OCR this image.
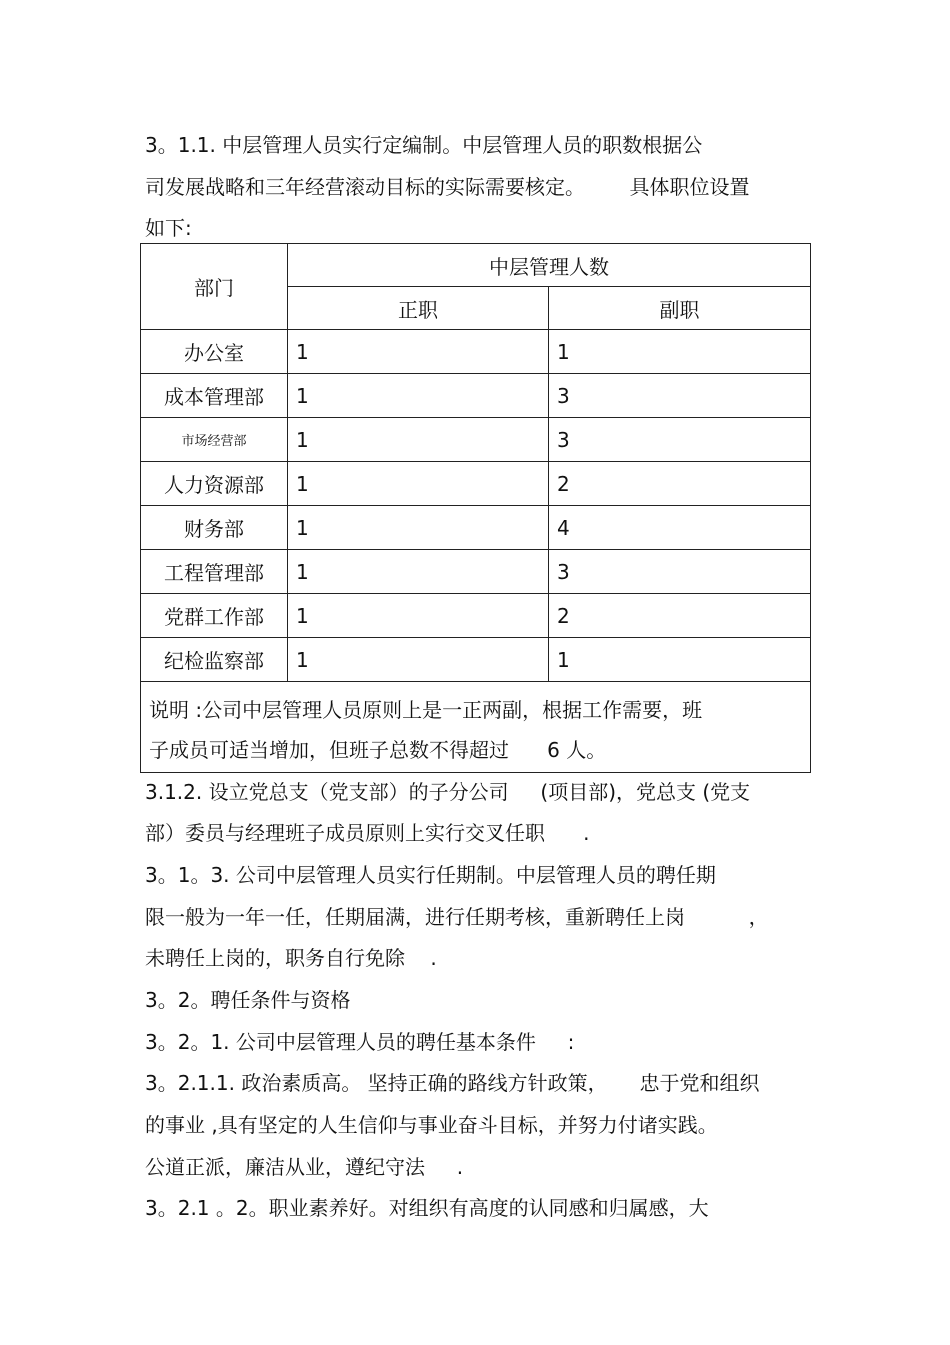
3。1.1. 中层管理人员实行定编制。中层管理人员的职数根据公
司发展战略和三年经营滚动目标的实际需要核定。       具体职位设置
如下:
部门	中层管理人数	
	正职	副职
办公室	1	1
成本管理部	1	3
市场经营部	1	3
人力资源部	1	2
财务部	1	4
工程管理部	1	3
党群工作部	1	2
纪检监察部	1	1

说明 :公司中层管理人员原则上是一正两副，根据工作需要，班
子成员可适当增加，但班子总数不得超过      6 人。		
3.1.2. 设立党总支（党支部）的子分公司     (项目部)，党总支 (党支
部）委员与经理班子成员原则上实行交叉任职      .
3。1。3. 公司中层管理人员实行任期制。中层管理人员的聘任期
限一般为一年一任，任期届满，进行任期考核，重新聘任上岗          ，
未聘任上岗的，职务自行免除    .
3。2。聘任条件与资格
3。2。1. 公司中层管理人员的聘任基本条件     :
3。2.1.1. 政治素质高。 坚持正确的路线方针政策，     忠于党和组织
的事业 ,具有坚定的人生信仰与事业奋斗目标，并努力付诸实践。
公道正派，廉洁从业，遵纪守法     .
3。2.1 。2。职业素养好。对组织有高度的认同感和归属感，大
